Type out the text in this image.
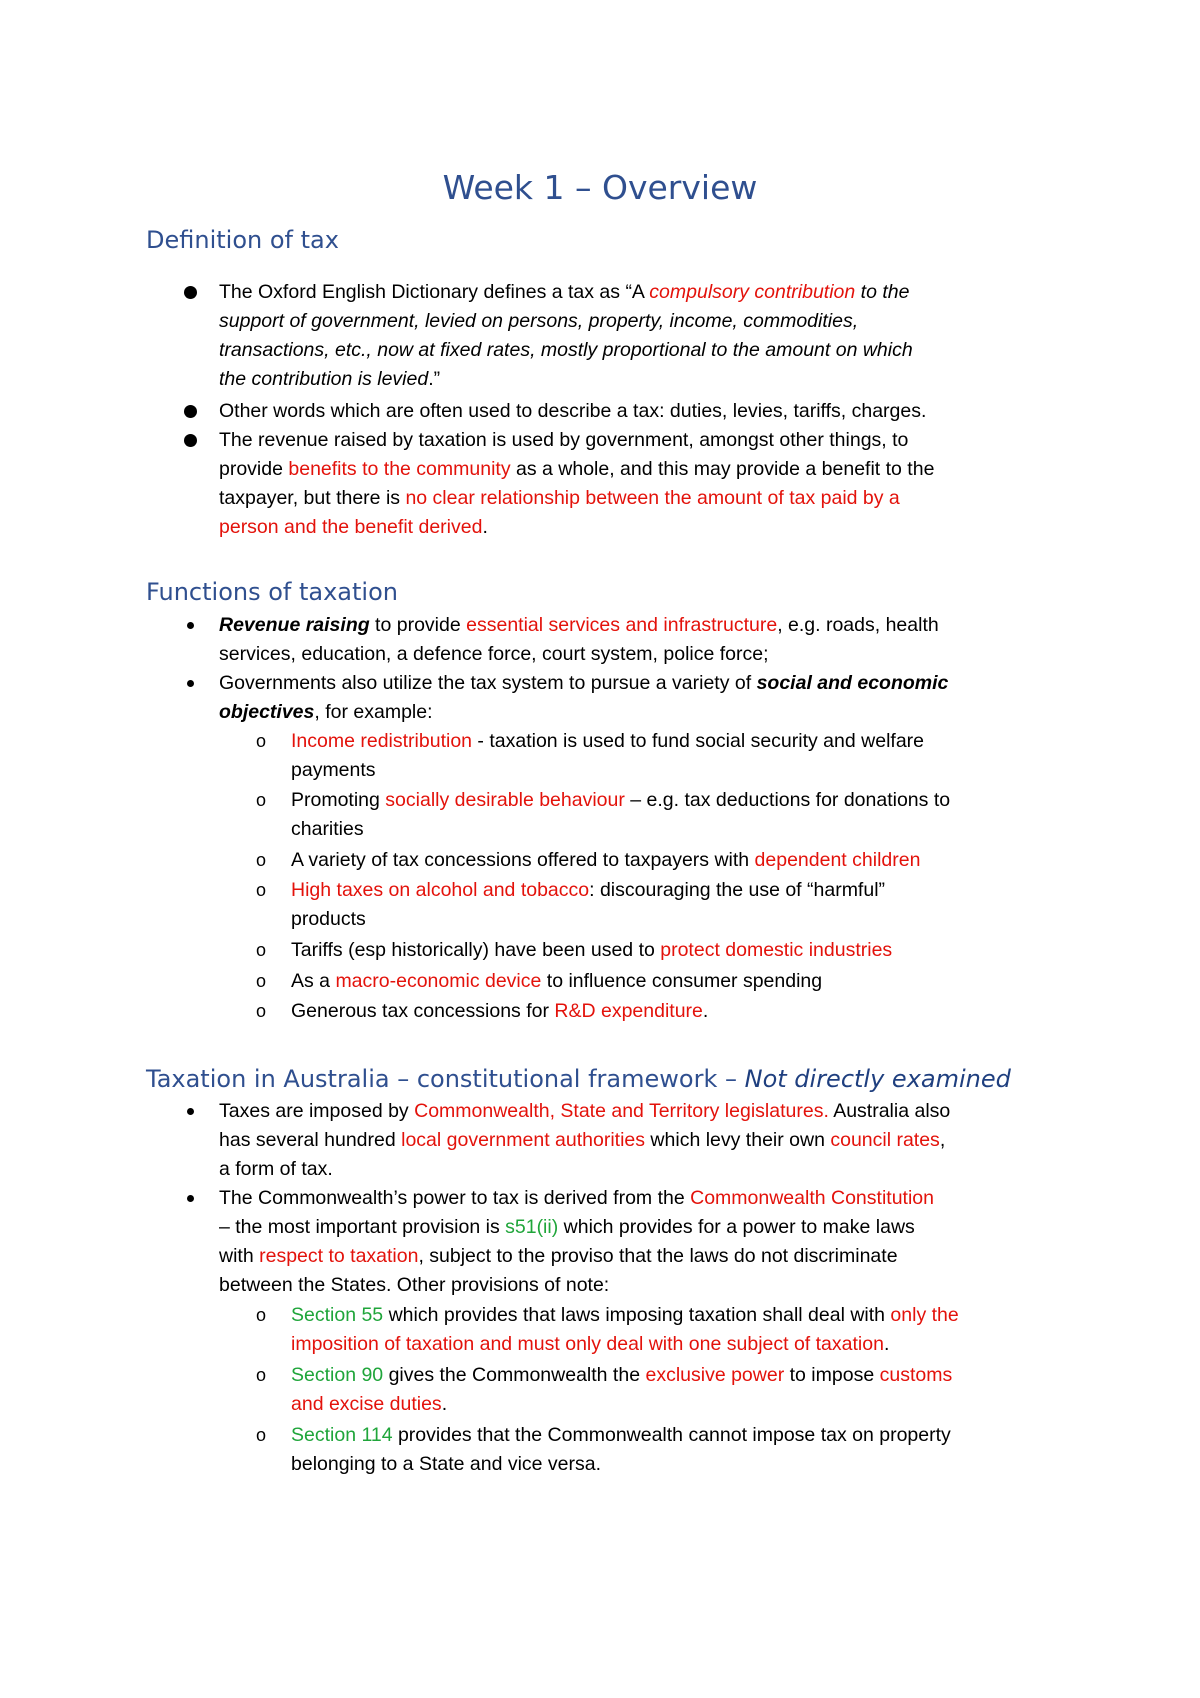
Week 1 – Overview
Definition of tax
The Oxford English Dictionary defines a tax as “A compulsory contribution to the
support of government, levied on persons, property, income, commodities,
transactions, etc., now at fixed rates, mostly proportional to the amount on which
the contribution is levied.”
Other words which are often used to describe a tax: duties, levies, tariffs, charges.
The revenue raised by taxation is used by government, amongst other things, to
provide benefits to the community as a whole, and this may provide a benefit to the
taxpayer, but there is no clear relationship between the amount of tax paid by a
person and the benefit derived.
Functions of taxation
Revenue raising to provide essential services and infrastructure, e.g. roads, health
services, education, a defence force, court system, police force;
Governments also utilize the tax system to pursue a variety of social and economic
objectives, for example:
o Income redistribution - taxation is used to fund social security and welfare
payments
o Promoting socially desirable behaviour – e.g. tax deductions for donations to
charities
o A variety of tax concessions offered to taxpayers with dependent children
o High taxes on alcohol and tobacco: discouraging the use of “harmful”
products
o Tariffs (esp historically) have been used to protect domestic industries
o As a macro-economic device to influence consumer spending
o Generous tax concessions for R&D expenditure.
Taxation in Australia – constitutional framework – Not directly examined
Taxes are imposed by Commonwealth, State and Territory legislatures. Australia also
has several hundred local government authorities which levy their own council rates,
a form of tax.
The Commonwealth’s power to tax is derived from the Commonwealth Constitution
– the most important provision is s51(ii) which provides for a power to make laws
with respect to taxation, subject to the proviso that the laws do not discriminate
between the States. Other provisions of note:
o Section 55 which provides that laws imposing taxation shall deal with only the
imposition of taxation and must only deal with one subject of taxation.
o Section 90 gives the Commonwealth the exclusive power to impose customs
and excise duties.
o Section 114 provides that the Commonwealth cannot impose tax on property
belonging to a State and vice versa.
